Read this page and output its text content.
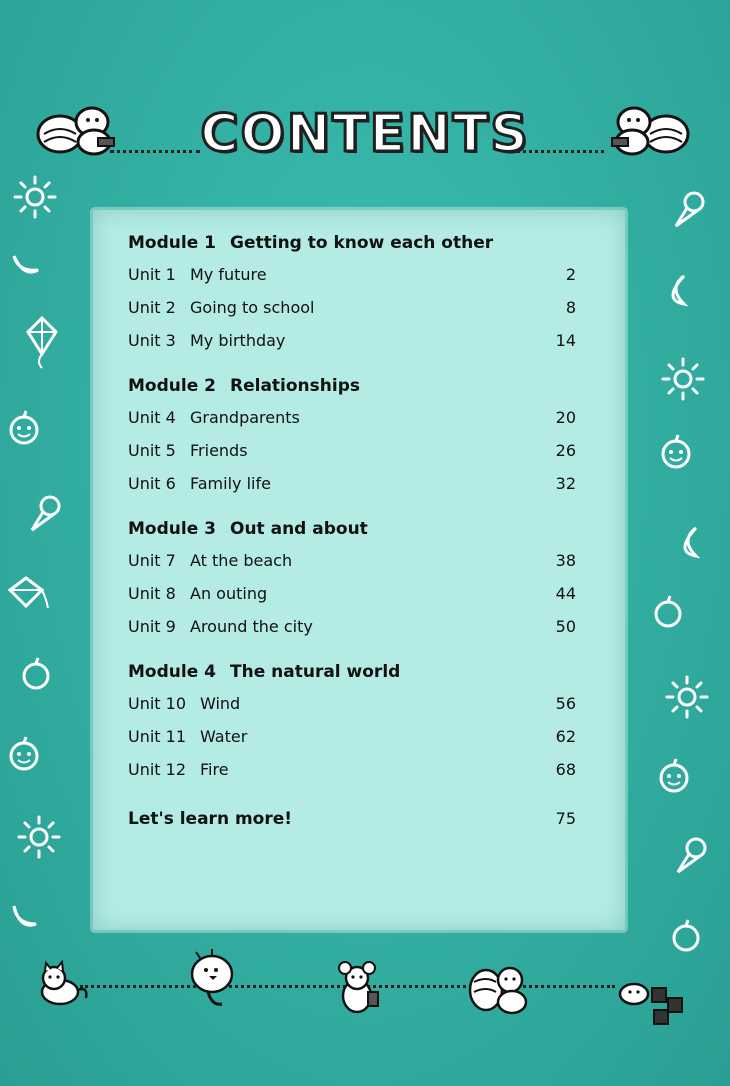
CONTENTS
Module 1 Getting to know each other
Unit 1 My future	2
Unit 2 Going to school	8
Unit 3 My birthday	14
Module 2 Relationships
Unit 4 Grandparents	20
Unit 5 Friends	26
Unit 6 Family life	32
Module 3 Out and about
Unit 7 At the beach	38
Unit 8 An outing	44
Unit 9 Around the city	50
Module 4 The natural world
Unit 10 Wind	56
Unit 11 Water	62
Unit 12 Fire	68
Let's learn more!	75
